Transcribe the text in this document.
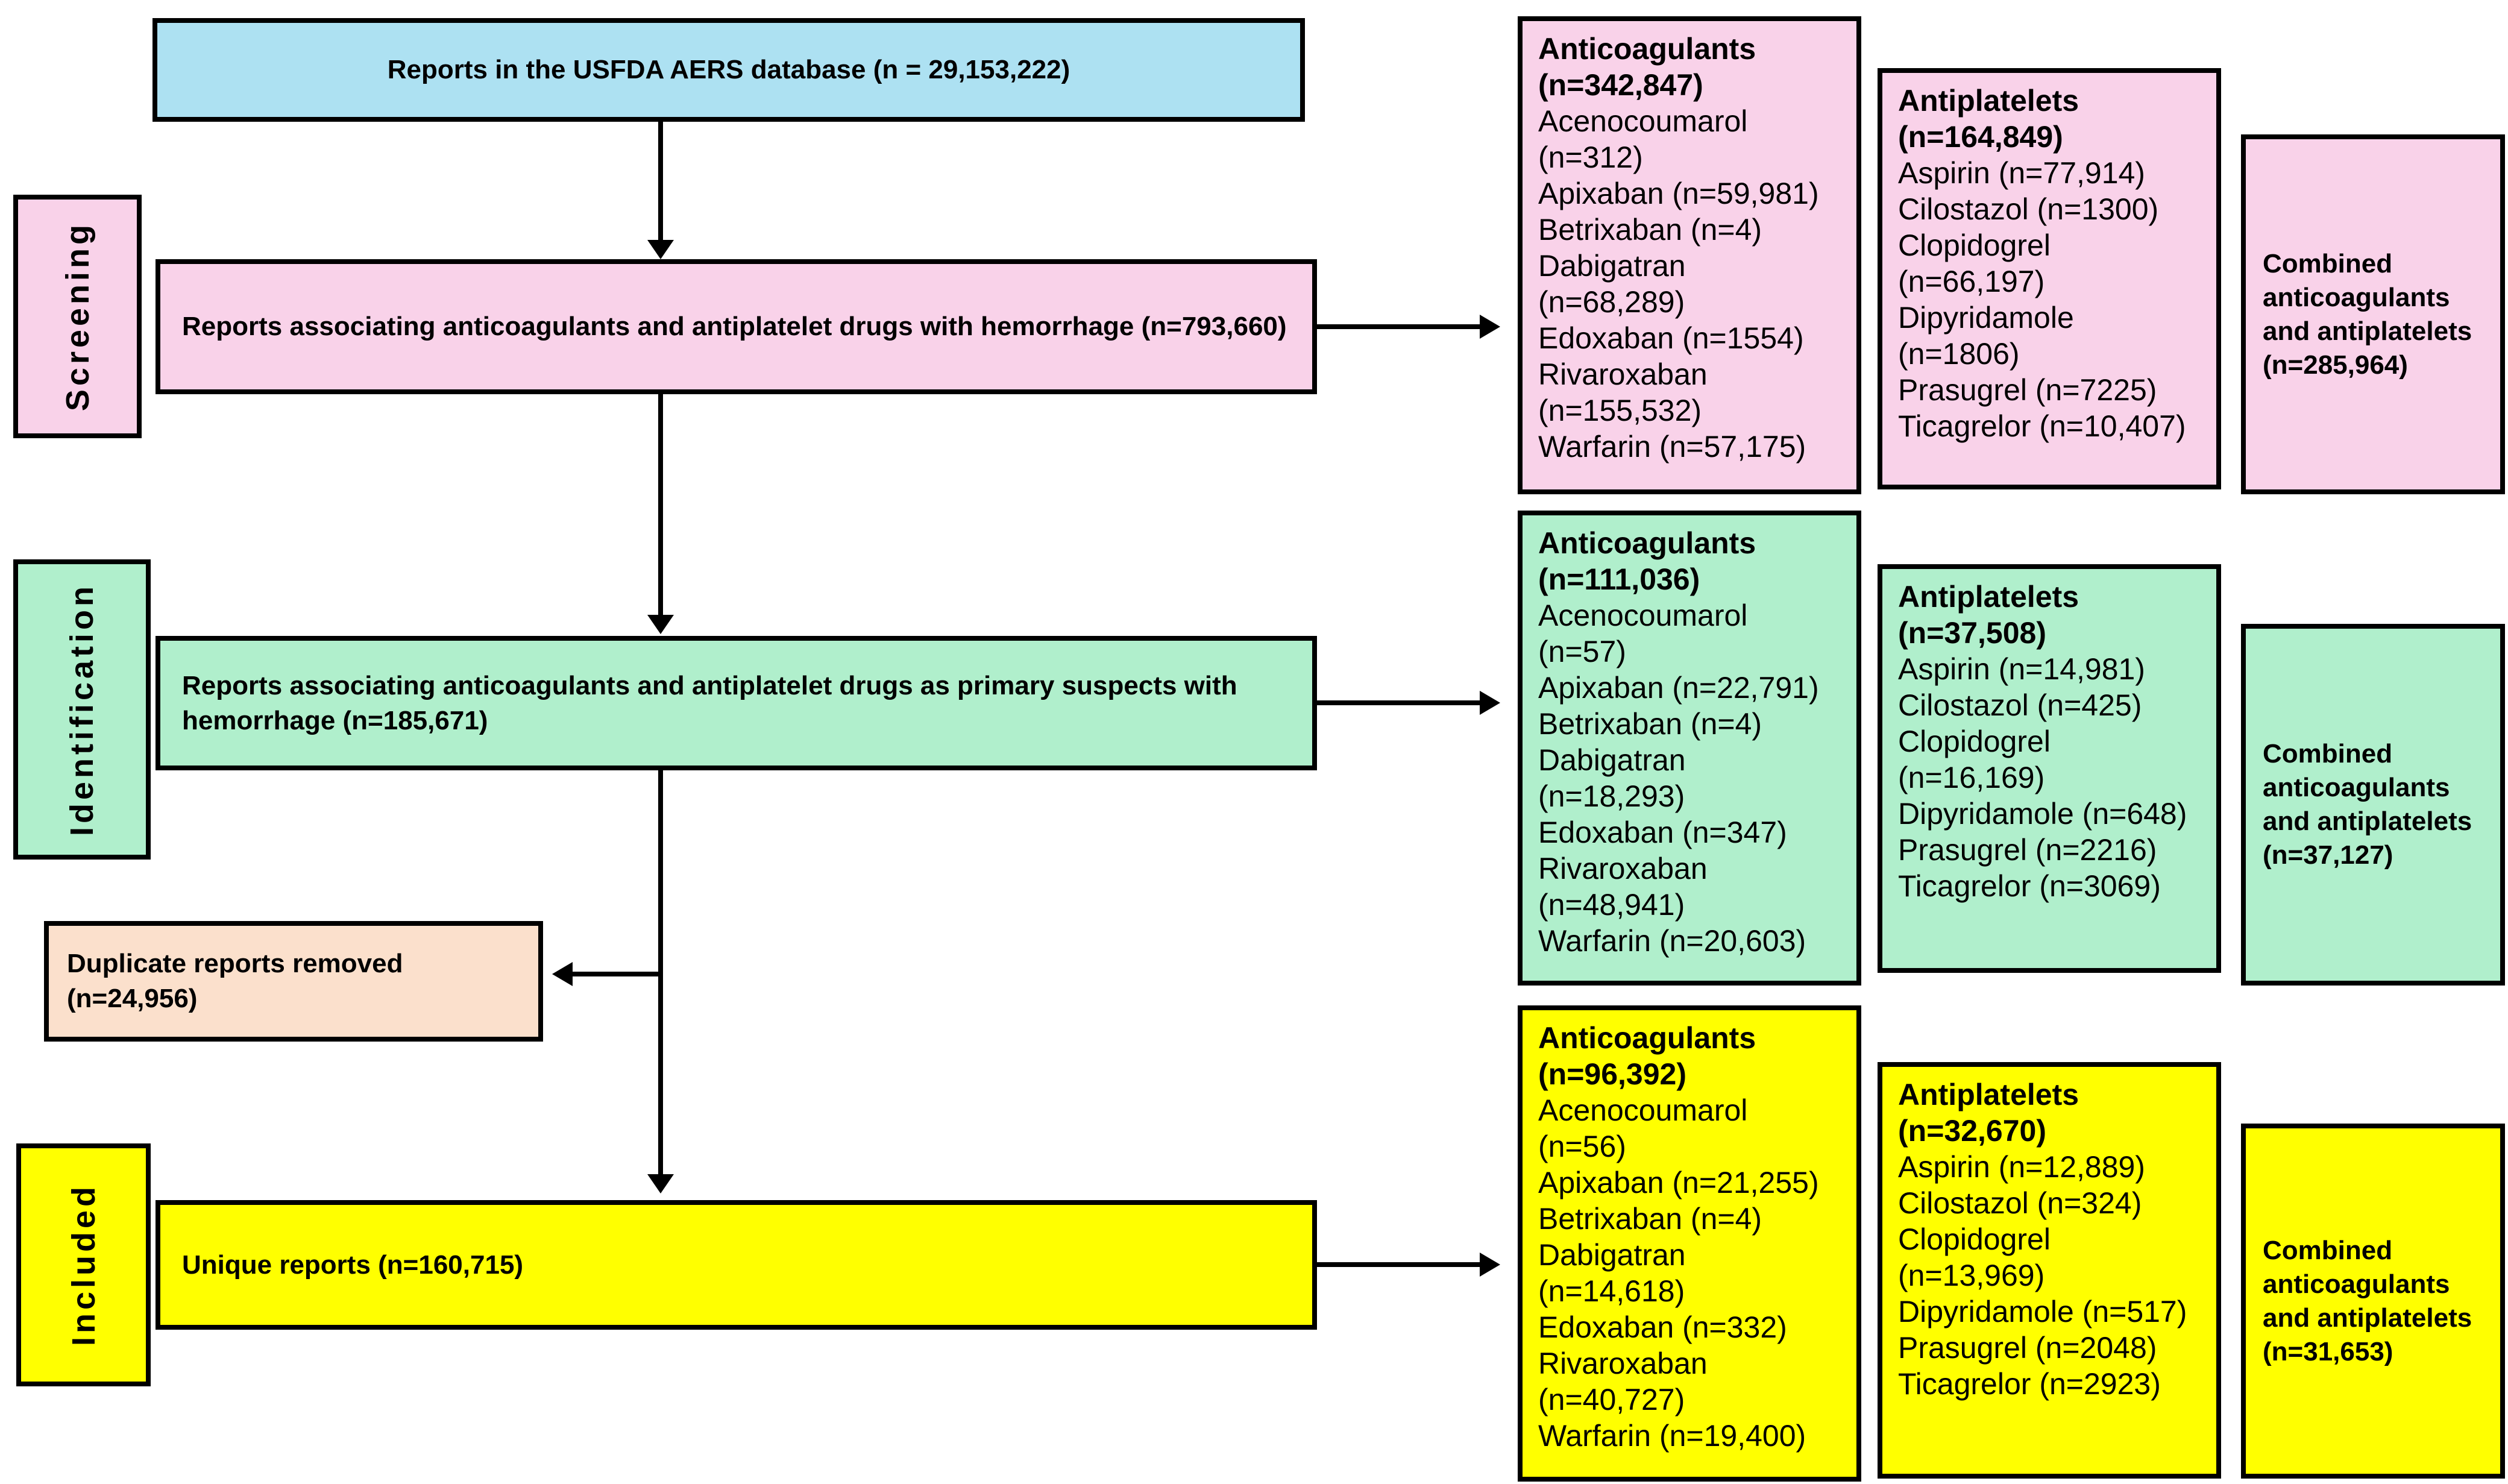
Reports in the USFDA AERS database (n = 29,153,222)
Screening	Reports associating anticoagulants and antiplatelet drugs with hemorrhage (n=793,660)
Identification	Reports associating anticoagulants and antiplatelet drugs as primary suspects with hemorrhage (n=185,671)
Duplicate reports removed (n=24,956)
Included	Unique reports (n=160,715)
Anticoagulants
(n=342,847)
Acenocoumarol (n=312)
Apixaban (n=59,981)
Betrixaban (n=4)
Dabigatran (n=68,289)
Edoxaban (n=1554)
Rivaroxaban (n=155,532)
Warfarin (n=57,175)
Antiplatelets
(n=164,849)
Aspirin (n=77,914)
Cilostazol (n=1300)
Clopidogrel (n=66,197)
Dipyridamole (n=1806)
Prasugrel (n=7225)
Ticagrelor (n=10,407)
Combined anticoagulants and antiplatelets (n=285,964)
Anticoagulants
(n=111,036)
Acenocoumarol (n=57)
Apixaban (n=22,791)
Betrixaban (n=4)
Dabigatran (n=18,293)
Edoxaban (n=347)
Rivaroxaban (n=48,941)
Warfarin (n=20,603)
Antiplatelets
(n=37,508)
Aspirin (n=14,981)
Cilostazol (n=425)
Clopidogrel (n=16,169)
Dipyridamole (n=648)
Prasugrel (n=2216)
Ticagrelor (n=3069)
Combined anticoagulants and antiplatelets (n=37,127)
Anticoagulants
(n=96,392)
Acenocoumarol (n=56)
Apixaban (n=21,255)
Betrixaban (n=4)
Dabigatran (n=14,618)
Edoxaban (n=332)
Rivaroxaban (n=40,727)
Warfarin (n=19,400)
Antiplatelets
(n=32,670)
Aspirin (n=12,889)
Cilostazol (n=324)
Clopidogrel (n=13,969)
Dipyridamole (n=517)
Prasugrel (n=2048)
Ticagrelor (n=2923)
Combined anticoagulants and antiplatelets (n=31,653)
